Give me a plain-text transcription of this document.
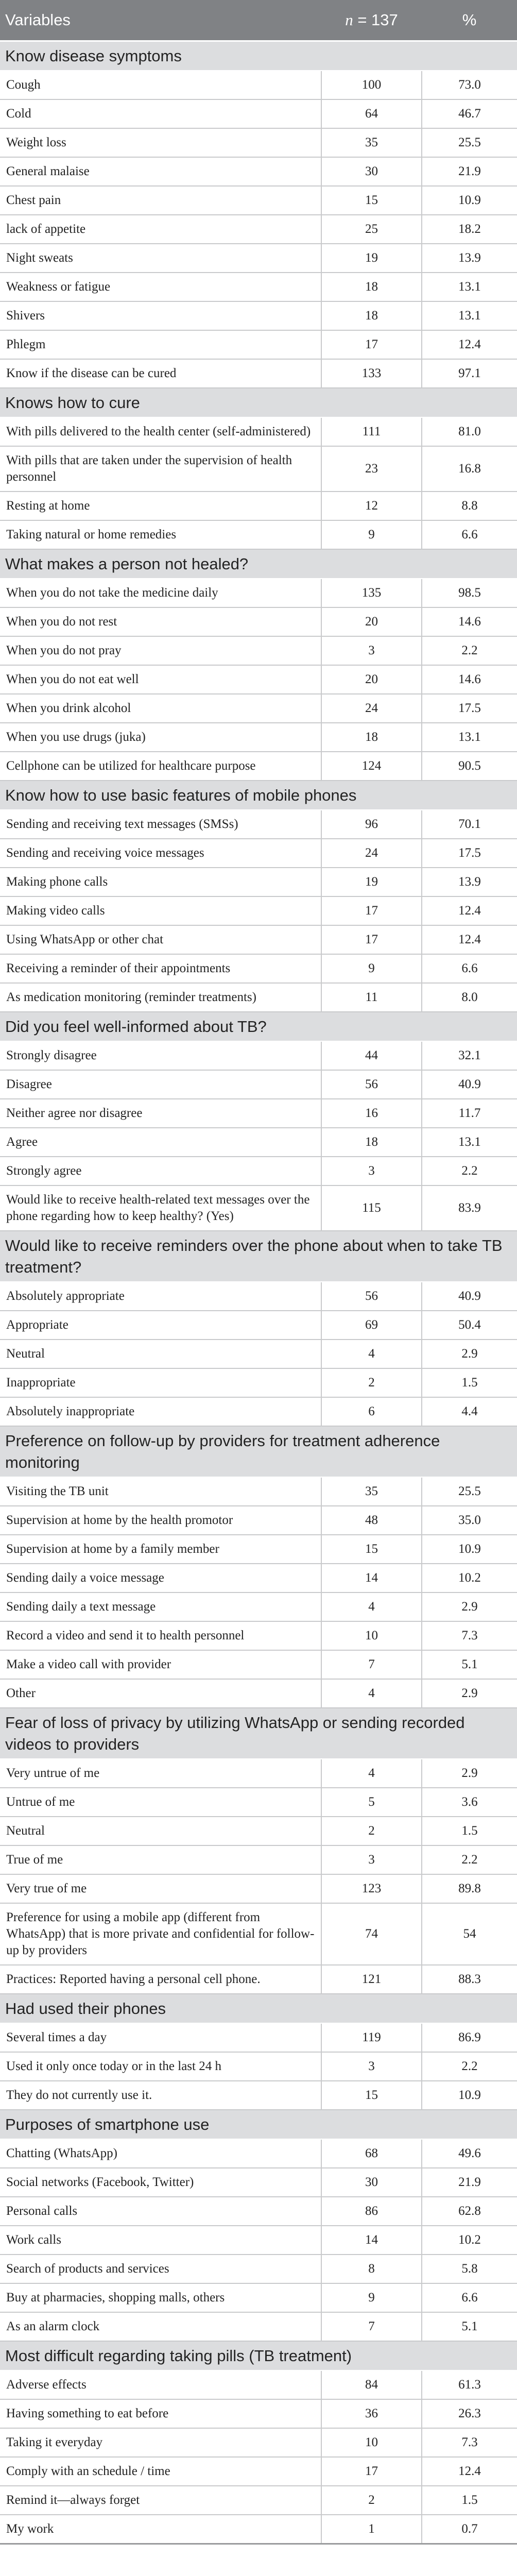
Variables	n = 137	%
Know disease symptoms		
Cough	100	73.0
Cold	64	46.7
Weight loss	35	25.5
General malaise	30	21.9
Chest pain	15	10.9
lack of appetite	25	18.2
Night sweats	19	13.9
Weakness or fatigue	18	13.1
Shivers	18	13.1
Phlegm	17	12.4
Know if the disease can be cured	133	97.1
Knows how to cure		
With pills delivered to the health center (self-administered)	111	81.0
With pills that are taken under the supervision of health personnel	23	16.8
Resting at home	12	8.8
Taking natural or home remedies	9	6.6
What makes a person not healed?		
When you do not take the medicine daily	135	98.5
When you do not rest	20	14.6
When you do not pray	3	2.2
When you do not eat well	20	14.6
When you drink alcohol	24	17.5
When you use drugs (juka)	18	13.1
Cellphone can be utilized for healthcare purpose	124	90.5
Know how to use basic features of mobile phones		
Sending and receiving text messages (SMSs)	96	70.1
Sending and receiving voice messages	24	17.5
Making phone calls	19	13.9
Making video calls	17	12.4
Using WhatsApp or other chat	17	12.4
Receiving a reminder of their appointments	9	6.6
As medication monitoring (reminder treatments)	11	8.0
Did you feel well-informed about TB?		
Strongly disagree	44	32.1
Disagree	56	40.9
Neither agree nor disagree	16	11.7
Agree	18	13.1
Strongly agree	3	2.2
Would like to receive health-related text messages over the phone regarding how to keep healthy? (Yes)	115	83.9
Would like to receive reminders over the phone about when to take TB treatment?		
Absolutely appropriate	56	40.9
Appropriate	69	50.4
Neutral	4	2.9
Inappropriate	2	1.5
Absolutely inappropriate	6	4.4
Preference on follow-up by providers for treatment adherence monitoring		
Visiting the TB unit	35	25.5
Supervision at home by the health promotor	48	35.0
Supervision at home by a family member	15	10.9
Sending daily a voice message	14	10.2
Sending daily a text message	4	2.9
Record a video and send it to health personnel	10	7.3
Make a video call with provider	7	5.1
Other	4	2.9
Fear of loss of privacy by utilizing WhatsApp or sending recorded videos to providers		
Very untrue of me	4	2.9
Untrue of me	5	3.6
Neutral	2	1.5
True of me	3	2.2
Very true of me	123	89.8
Preference for using a mobile app (different from WhatsApp) that is more private and confidential for follow-up by providers	74	54
Practices: Reported having a personal cell phone.	121	88.3
Had used their phones		
Several times a day	119	86.9
Used it only once today or in the last 24 h	3	2.2
They do not currently use it.	15	10.9
Purposes of smartphone use		
Chatting (WhatsApp)	68	49.6
Social networks (Facebook, Twitter)	30	21.9
Personal calls	86	62.8
Work calls	14	10.2
Search of products and services	8	5.8
Buy at pharmacies, shopping malls, others	9	6.6
As an alarm clock	7	5.1
Most difficult regarding taking pills (TB treatment)		
Adverse effects	84	61.3
Having something to eat before	36	26.3
Taking it everyday	10	7.3
Comply with an schedule / time	17	12.4
Remind it—always forget	2	1.5
My work	1	0.7
